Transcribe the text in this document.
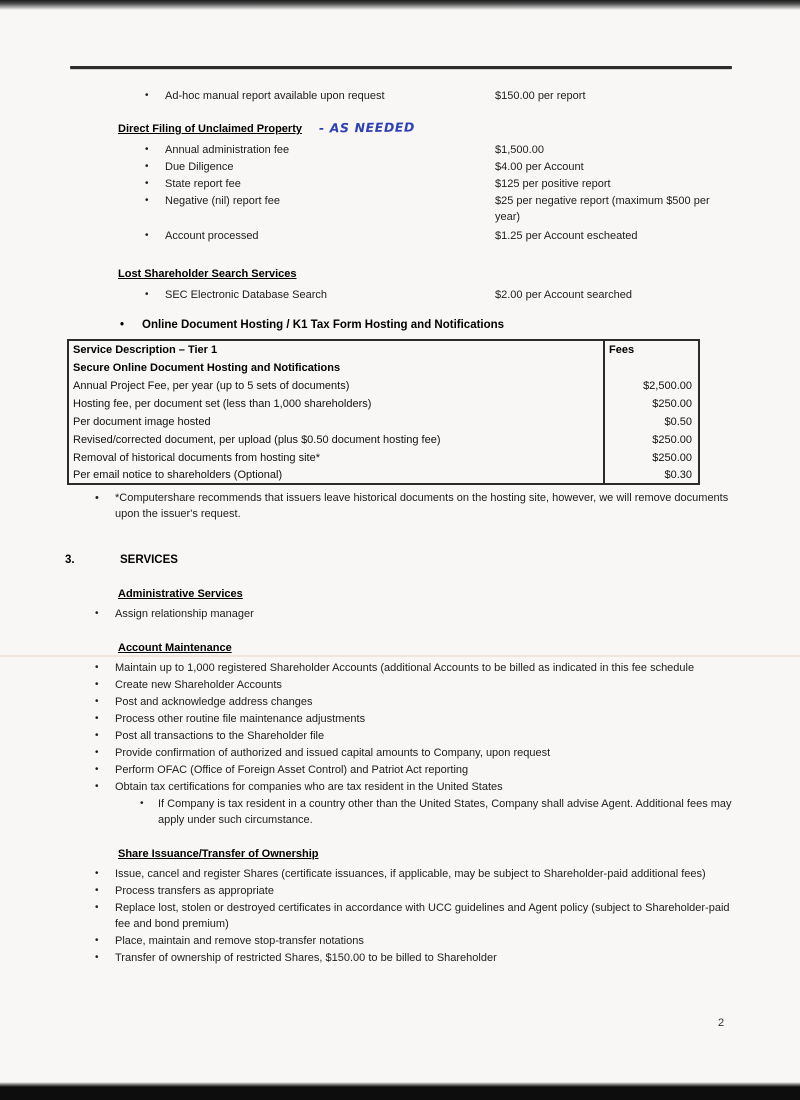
•	Ad-hoc manual report available upon request	$150.00 per report
Direct Filing of Unclaimed Property - AS NEEDED
•	Annual administration fee	$1,500.00
•	Due Diligence	$4.00 per Account
•	State report fee	$125 per positive report
•	Negative (nil) report fee	$25 per negative report (maximum $500 per year)
•	Account processed	$1.25 per Account escheated
Lost Shareholder Search Services
•	SEC Electronic Database Search	$2.00 per Account searched
•	Online Document Hosting / K1 Tax Form Hosting and Notifications
Service Description – Tier 1	Fees
Secure Online Document Hosting and Notifications	
Annual Project Fee, per year (up to 5 sets of documents)	$2,500.00
Hosting fee, per document set (less than 1,000 shareholders)	$250.00
Per document image hosted	$0.50
Revised/corrected document, per upload (plus $0.50 document hosting fee)	$250.00
Removal of historical documents from hosting site*	$250.00
Per email notice to shareholders (Optional)	$0.30
•	*Computershare recommends that issuers leave historical documents on the hosting site, however, we will remove documents upon the issuer's request.
3.	SERVICES
Administrative Services
•	Assign relationship manager
Account Maintenance
•	Maintain up to 1,000 registered Shareholder Accounts (additional Accounts to be billed as indicated in this fee schedule
•	Create new Shareholder Accounts
•	Post and acknowledge address changes
•	Process other routine file maintenance adjustments
•	Post all transactions to the Shareholder file
•	Provide confirmation of authorized and issued capital amounts to Company, upon request
•	Perform OFAC (Office of Foreign Asset Control) and Patriot Act reporting
•	Obtain tax certifications for companies who are tax resident in the United States
•	If Company is tax resident in a country other than the United States, Company shall advise Agent. Additional fees may apply under such circumstance.
Share Issuance/Transfer of Ownership
•	Issue, cancel and register Shares (certificate issuances, if applicable, may be subject to Shareholder-paid additional fees)
•	Process transfers as appropriate
•	Replace lost, stolen or destroyed certificates in accordance with UCC guidelines and Agent policy (subject to Shareholder-paid fee and bond premium)
•	Place, maintain and remove stop-transfer notations
•	Transfer of ownership of restricted Shares, $150.00 to be billed to Shareholder
2
